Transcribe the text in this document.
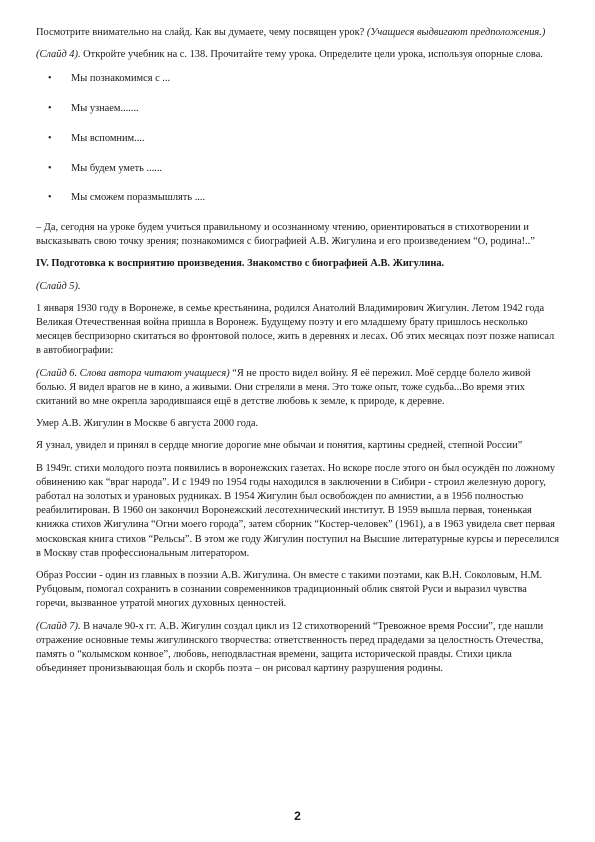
Посмотрите внимательно на слайд. Как вы думаете, чему посвящен урок? (Учащиеся выдвигают предположения.)

(Слайд 4). Откройте учебник на с. 138. Прочитайте тему урока. Определите цели урока, используя опорные слова.

• Мы познакомимся с ...
• Мы узнаем.......
• Мы вспомним....
• Мы будем уметь ......
• Мы сможем поразмышлять ....

– Да, сегодня на уроке будем учиться правильному и осознанному чтению, ориентироваться в стихотворении и высказывать свою точку зрения; познакомимся с биографией А.В. Жигулина и его произведением “О, родина!..”

IV. Подготовка к восприятию произведения. Знакомство с биографией А.В. Жигулина.

(Слайд 5).

1 января 1930 году в Воронеже, в семье крестьянина, родился Анатолий Владимирович Жигулин. Летом 1942 года Великая Отечественная война пришла в Воронеж. Будущему поэту и его младшему брату пришлось несколько месяцев беспризорно скитаться во фронтовой полосе, жить в деревнях и лесах. Об этих месяцах поэт позже написал в автобиографии:

(Слайд 6. Слова автора читают учащиеся) “Я не просто видел войну. Я её пережил. Моё сердце болело живой болью. Я видел врагов не в кино, а живыми. Они стреляли в меня. Это тоже опыт, тоже судьба...Во время этих скитаний во мне окрепла зародившаяся ещё в детстве любовь к земле, к природе, к деревне.

Умер А.В. Жигулин в Москве 6 августа 2000 года.

Я узнал, увидел и принял в сердце многие дорогие мне обычаи и понятия, картины средней, степной России”

В 1949г. стихи молодого поэта появились в воронежских газетах. Но вскоре после этого он был осуждён по ложному обвинению как “враг народа”. И с 1949 по 1954 годы находился в заключении в Сибири - строил железную дорогу, работал на золотых и урановых рудниках. В 1954 Жигулин был освобожден по амнистии, а в 1956 полностью реабилитирован. В 1960 он закончил Воронежский лесотехнический институт. В 1959 вышла первая, тоненькая книжка стихов Жигулина “Огни моего города”, затем сборник “Костер-человек” (1961), а в 1963 увидела свет первая московская книга стихов “Рельсы”. В этом же году Жигулин поступил на Высшие литературные курсы и переселился в Москву став профессиональным литератором.

Образ России - один из главных в поэзии А.В. Жигулина. Он вместе с такими поэтами, как В.Н. Соколовым, Н.М. Рубцовым, помогал сохранить в сознании современников традиционный облик святой Руси и выразил чувства горечи, вызванное утратой многих духовных ценностей.

(Слайд 7). В начале 90-х гг. А.В. Жигулин создал цикл из 12 стихотворений “Тревожное время России”, где нашли отражение основные темы жигулинского творчества: ответственность перед прадедами за целостность Отечества, память о “колымском конвое”, любовь, неподвластная времени, защита исторической правды. Стихи цикла объединяет пронизывающая боль и скорбь поэта – он рисовал картину разрушения родины.

2
